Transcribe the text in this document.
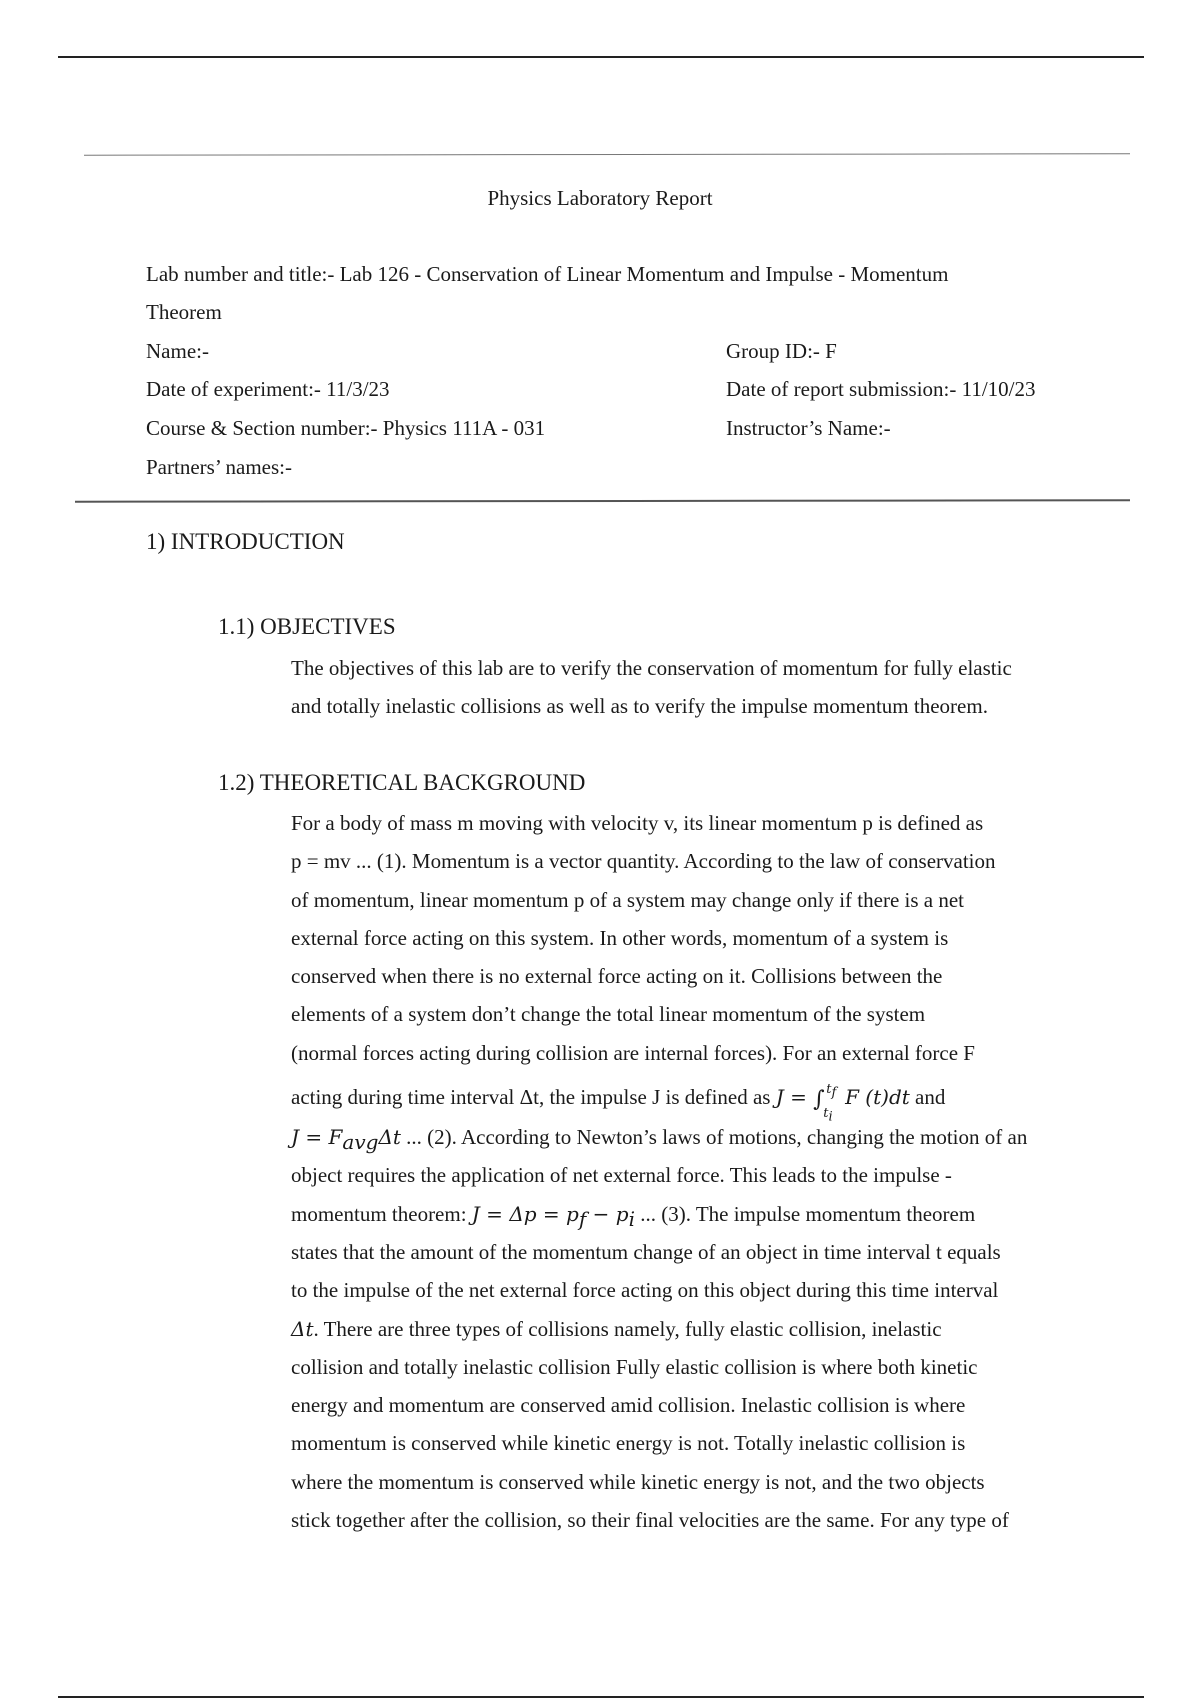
Physics Laboratory Report
Lab number and title:- Lab 126 - Conservation of Linear Momentum and Impulse - Momentum
Theorem
Name:-
Date of experiment:- 11/3/23
Course & Section number:- Physics 111A - 031
Partners’ names:-
Group ID:- F
Date of report submission:- 11/10/23
Instructor’s Name:-
1) INTRODUCTION
1.1) OBJECTIVES
The objectives of this lab are to verify the conservation of momentum for fully elastic
and totally inelastic collisions as well as to verify the impulse momentum theorem.
1.2) THEORETICAL BACKGROUND
For a body of mass m moving with velocity v, its linear momentum p is defined as
p = mv ... (1). Momentum is a vector quantity. According to the law of conservation
of momentum, linear momentum p of a system may change only if there is a net
external force acting on this system. In other words, momentum of a system is
conserved when there is no external force acting on it. Collisions between the
elements of a system don’t change the total linear momentum of the system
(normal forces acting during collision are internal forces). For an external force F
acting during time interval Δt, the impulse J is defined as J = ∫ $t_f$
$t_i$
F (t)dt and
$J = F_{avg}\Delta t$ ... (2). According to Newton’s laws of motions, changing the motion of an
object requires the application of net external force. This leads to the impulse -
momentum theorem: $J = \Delta p = p_f - p_i$ ... (3). The impulse momentum theorem
states that the amount of the momentum change of an object in time interval t equals
to the impulse of the net external force acting on this object during this time interval
Δt. There are three types of collisions namely, fully elastic collision, inelastic
collision and totally inelastic collision Fully elastic collision is where both kinetic
energy and momentum are conserved amid collision. Inelastic collision is where
momentum is conserved while kinetic energy is not. Totally inelastic collision is
where the momentum is conserved while kinetic energy is not, and the two objects
stick together after the collision, so their final velocities are the same. For any type of
